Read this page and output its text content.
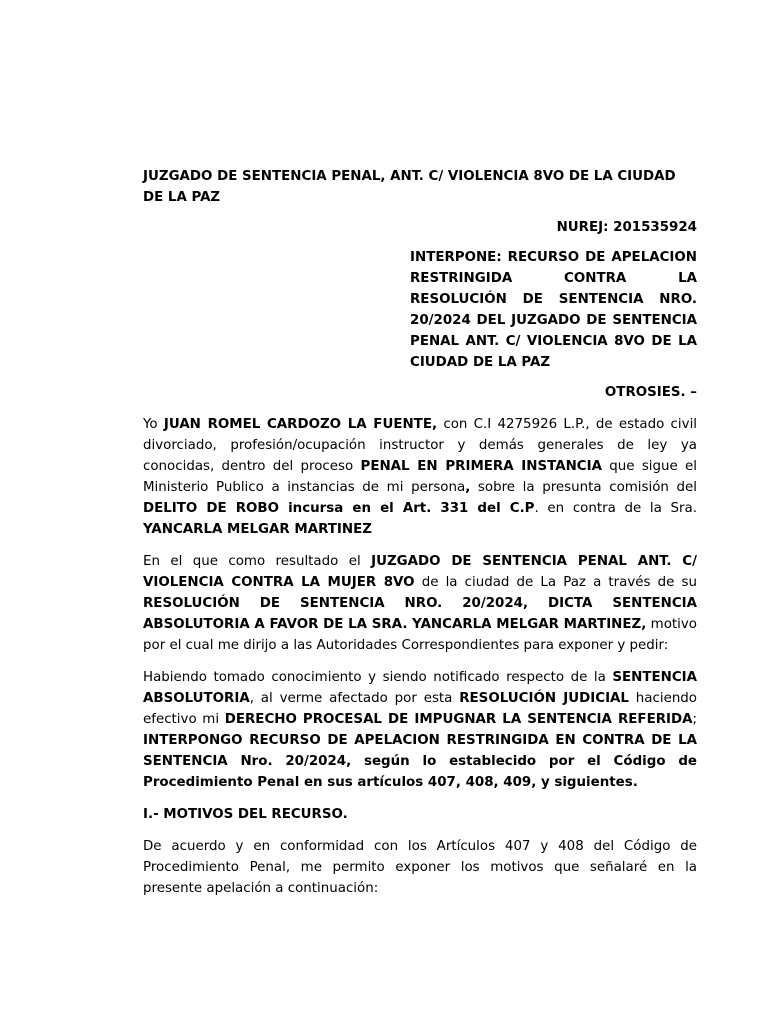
JUZGADO DE SENTENCIA PENAL, ANT. C/ VIOLENCIA 8VO DE LA CIUDAD DE LA PAZ

NUREJ: 201535924

INTERPONE: RECURSO DE APELACION RESTRINGIDA CONTRA LA RESOLUCIÓN DE SENTENCIA NRO. 20/2024 DEL JUZGADO DE SENTENCIA PENAL ANT. C/ VIOLENCIA 8VO DE LA CIUDAD DE LA PAZ

OTROSIES. –

Yo JUAN ROMEL CARDOZO LA FUENTE, con C.I 4275926 L.P., de estado civil divorciado, profesión/ocupación instructor y demás generales de ley ya conocidas, dentro del proceso PENAL EN PRIMERA INSTANCIA que sigue el Ministerio Publico a instancias de mi persona, sobre la presunta comisión del DELITO DE ROBO incursa en el Art. 331 del C.P. en contra de la Sra. YANCARLA MELGAR MARTINEZ

En el que como resultado el JUZGADO DE SENTENCIA PENAL ANT. C/ VIOLENCIA CONTRA LA MUJER 8VO de la ciudad de La Paz a través de su RESOLUCIÓN DE SENTENCIA NRO. 20/2024, DICTA SENTENCIA ABSOLUTORIA A FAVOR DE LA SRA. YANCARLA MELGAR MARTINEZ, motivo por el cual me dirijo a las Autoridades Correspondientes para exponer y pedir:

Habiendo tomado conocimiento y siendo notificado respecto de la SENTENCIA ABSOLUTORIA, al verme afectado por esta RESOLUCIÓN JUDICIAL haciendo efectivo mi DERECHO PROCESAL DE IMPUGNAR LA SENTENCIA REFERIDA; INTERPONGO RECURSO DE APELACION RESTRINGIDA EN CONTRA DE LA SENTENCIA Nro. 20/2024, según lo establecido por el Código de Procedimiento Penal en sus artículos 407, 408, 409, y siguientes.

I.- MOTIVOS DEL RECURSO.

De acuerdo y en conformidad con los Artículos 407 y 408 del Código de Procedimiento Penal, me permito exponer los motivos que señalaré en la presente apelación a continuación:
